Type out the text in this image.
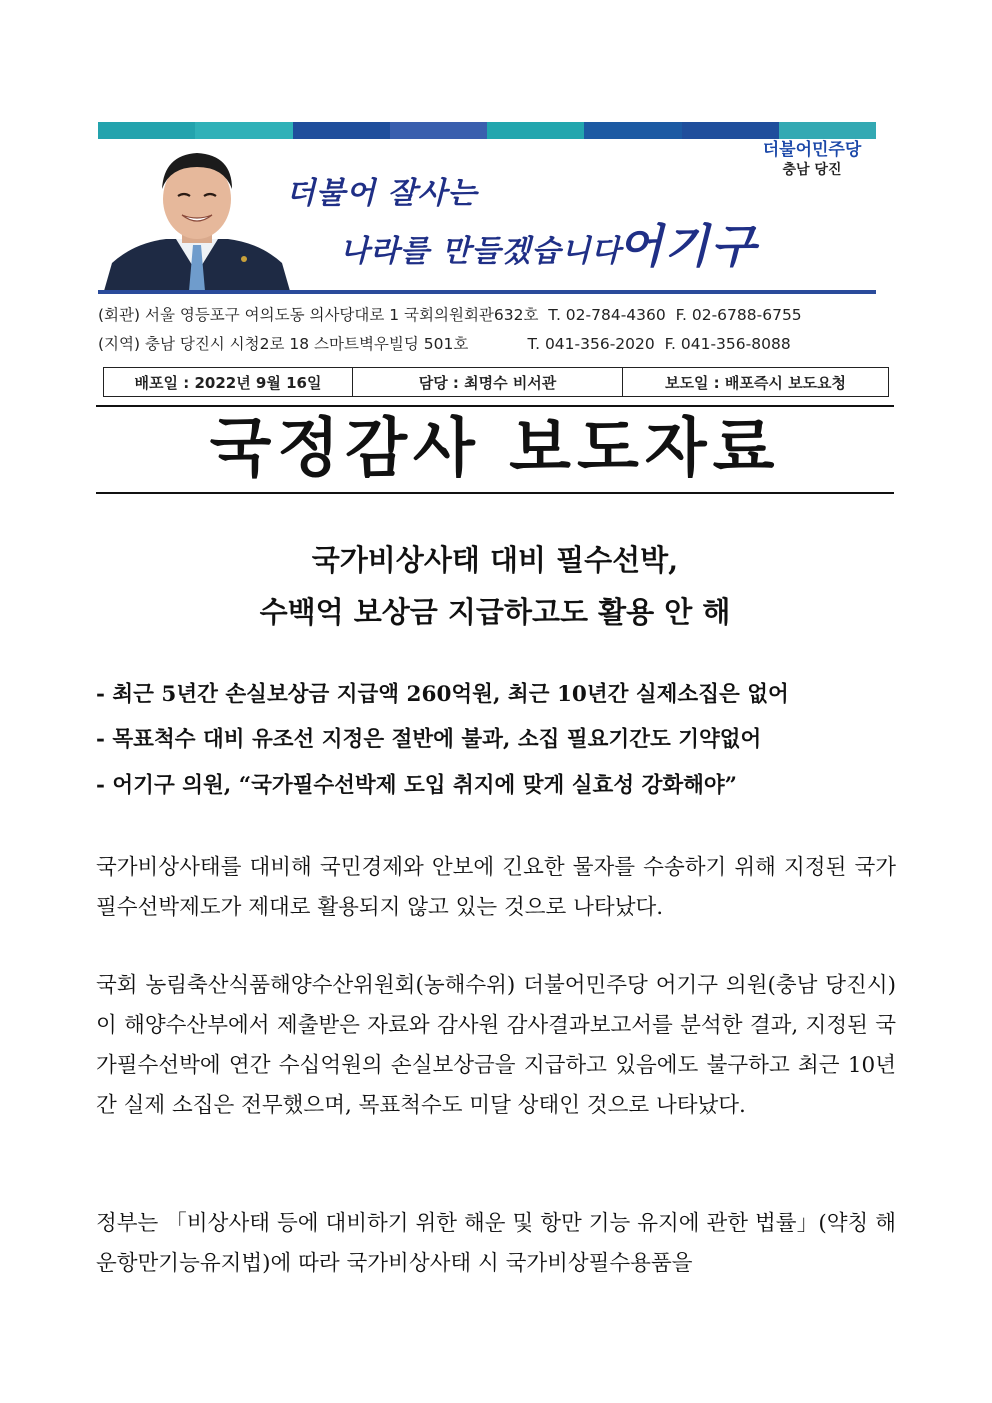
더불어 잘사는
나라를 만들겠습니다
어기구
더불어민주당
충남 당진
(회관) 서울 영등포구 여의도동 의사당대로 1 국회의원회관632호  T. 02-784-4360  F. 02-6788-6755
(지역) 충남 당진시 시청2로 18 스마트벽우빌딩 501호            T. 041-356-2020  F. 041-356-8088
배포일 : 2022년 9월 16일	담당 : 최명수 비서관	보도일 : 배포즉시 보도요청
국정감사 보도자료
국가비상사태 대비 필수선박,
수백억 보상금 지급하고도 활용 안 해
- 최근 5년간 손실보상금 지급액 260억원, 최근 10년간 실제소집은 없어
- 목표척수 대비 유조선 지정은 절반에 불과, 소집 필요기간도 기약없어
- 어기구 의원, “국가필수선박제 도입 취지에 맞게 실효성 강화해야”
국가비상사태를 대비해 국민경제와 안보에 긴요한 물자를 수송하기 위해 지정된 국가필수선박제도가 제대로 활용되지 않고 있는 것으로 나타났다.
국회 농림축산식품해양수산위원회(농해수위) 더불어민주당 어기구 의원(충남 당진시)이 해양수산부에서 제출받은 자료와 감사원 감사결과보고서를 분석한 결과, 지정된 국가필수선박에 연간 수십억원의 손실보상금을 지급하고 있음에도 불구하고 최근 10년간 실제 소집은 전무했으며, 목표척수도 미달 상태인 것으로 나타났다.
정부는 「비상사태 등에 대비하기 위한 해운 및 항만 기능 유지에 관한 법률」(약칭 해운항만기능유지법)에 따라 국가비상사태 시 국가비상필수용품을
